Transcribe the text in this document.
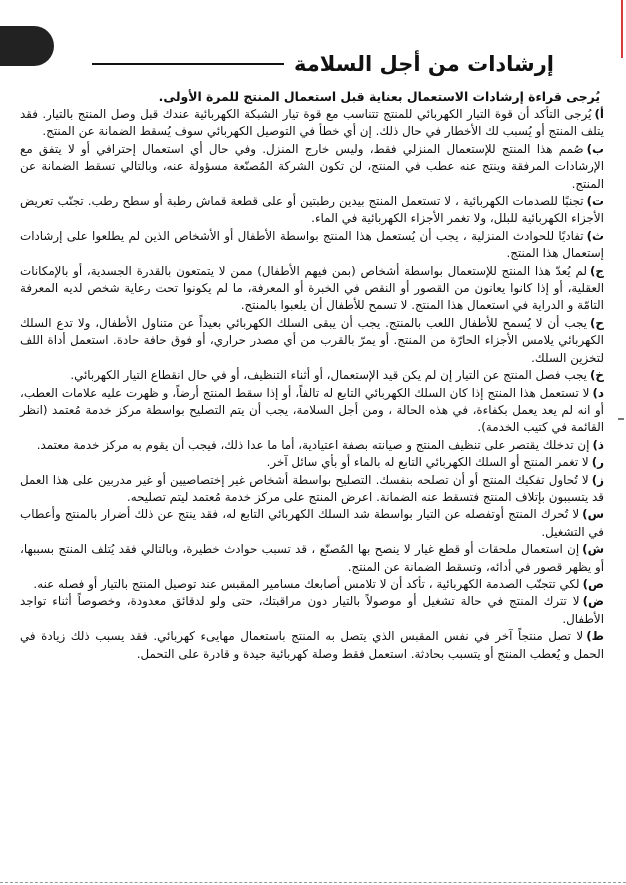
إرشادات من أجل السلامة

يُرجى قراءة إرشادات الاستعمال بعناية قبل استعمال المنتج للمرة الأولى.

أ)يُرجى التأكد أن قوة التيار الكهربائي للمنتج تتناسب مع قوة تيار الشبكة الكهربائية عندك قبل وصل المنتج بالتيار. فقد يتلف المنتج أو يُسبب لك الأخطار في حال ذلك. إن أي خطأ في التوصيل الكهربائي سوف يُسقط الضمانة عن المنتج.

ب)صُمم هذا المنتج للإستعمال المنزلي فقط، وليس خارج المنزل. وفي حال أي استعمال إحترافي أو لا يتفق مع الإرشادات المرفقة وينتج عنه عطب في المنتج، لن تكون الشركة المُصنّعة مسؤولة عنه، وبالتالي تسقط الضمانة عن المنتج.

ت)تجنبًا للصدمات الكهربائية ، لا تستعمل المنتج بيدين رطبتين أو على قطعة قماش رطبة أو سطح رطب. تجنّب تعريض الأجزاء الكهربائية للبلل، ولا تغمر الأجزاء الكهربائية في الماء.

ث)تفاديًا للحوادث المنزلية ، يجب أن يُستعمل هذا المنتج بواسطة الأطفال أو الأشخاص الذين لم يطلعوا على إرشادات إستعمال هذا المنتج.

ج)لم يُعدّ هذا المنتج للإستعمال بواسطة أشخاص (بمن فيهم الأطفال) ممن لا يتمتعون بالقدرة الجسدية، أو بالإمكانات العقلية، أو إذا كانوا يعانون من القصور أو النقص في الخبرة أو المعرفة، ما لم يكونوا تحت رعاية شخص لديه المعرفة التامّة و الدراية في استعمال هذا المنتج. لا تسمح للأطفال أن يلعبوا بالمنتج.

ح)يجب أن لا يُسمح للأطفال اللعب بالمنتج. يجب أن يبقى السلك الكهربائي بعيداً عن متناول الأطفال، ولا تدع السلك الكهربائي يلامس الأجزاء الحارّة من المنتج. أو يمرّ بالقرب من أي مصدر حراري، أو فوق حافة حادة. استعمل أداة اللف لتخزين السلك.

خ)يجب فصل المنتج عن التيار إن لم يكن قيد الإستعمال، أو أثناء التنظيف، أو في حال انقطاع التيار الكهربائي.

د)لا تستعمل هذا المنتج إذا كان السلك الكهربائي التابع له تالفاً، أو إذا سقط المنتج أرضاً، و ظهرت عليه علامات العطب، أو انه لم يعد يعمل بكفاءة، في هذه الحالة ، ومن أجل السلامة، يجب أن يتم التصليح بواسطة مركز خدمة مُعتمد (انظر القائمة في كتيب الخدمة).

ذ)إن تدخلك يقتصر على تنظيف المنتج و صيانته بصفة اعتيادية، أما ما عدا ذلك، فيجب أن يقوم به مركز خدمة معتمد.

ر)لا تغمر المنتج أو السلك الكهربائي التابع له بالماء أو بأي سائل آخر.

ز)لا تُحاول تفكيك المنتج أو أن تصلحه بنفسك. التصليح بواسطة أشخاص غير إختصاصيين أو غير مدربين على هذا العمل قد يتسببون بإتلاف المنتج فتسقط عنه الضمانة. اعرض المنتج على مركز خدمة مُعتمد ليتم تصليحه.

س)لا تُحرك المنتج أوتفصله عن التيار بواسطة شد السلك الكهربائي التابع له، فقد ينتج عن ذلك أضرار بالمنتج وأعطاب في التشغيل.

ش)إن استعمال ملحقات أو قطع غيار لا ينصح بها المُصنّع ، قد تسبب حوادث خطيرة، وبالتالي فقد يُتلف المنتج بسببها، أو يظهر قصور في أدائه، وتسقط الضمانة عن المنتج.

ص)لكي تتجنّب الصدمة الكهربائية ، تأكد أن لا تلامس أصابعك مسامير المقبس عند توصيل المنتج بالتيار أو فصله عنه.

ض)لا تترك المنتج في حالة تشغيل أو موصولاً بالتيار دون مراقبتك، حتى ولو لدقائق معدودة، وخصوصاً أثناء تواجد الأطفال.

ط)لا تصل منتجاً آخر في نفس المقبس الذي يتصل به المنتج باستعمال مهايىء كهربائي. فقد يسبب ذلك زيادة في الحمل و يُعطب المنتج أو يتسبب بحادثة. استعمل فقط وصلة كهربائية جيدة و قادرة على التحمل.
